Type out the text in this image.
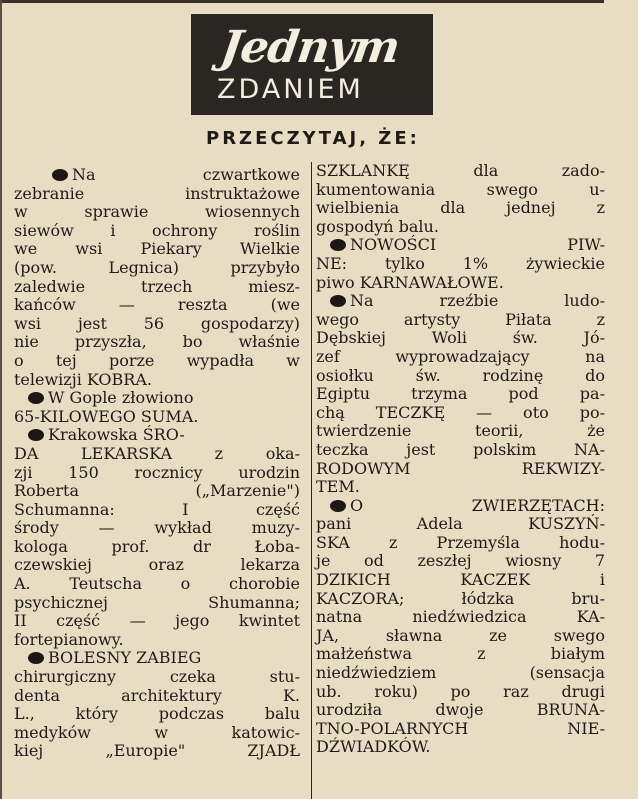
Jednym
ZDANIEM
PRZECZYTAJ, ŻE:
Na czwartkowe
zebranie instruktażowe
w sprawie wiosennych
siewów i ochrony roślin
we wsi Piekary Wielkie
(pow. Legnica) przybyło
zaledwie trzech miesz-
kańców — reszta (we
wsi jest 56 gospodarzy)
nie przyszła, bo właśnie
o tej porze wypadła w
telewizji KOBRA.
W Gople złowiono
65-KILOWEGO SUMA.
Krakowska ŚRO-
DA LEKARSKA z oka-
zji 150 rocznicy urodzin
Roberta („Marzenie")
Schumanna: I część
środy — wykład muzy-
kologa prof. dr Łoba-
czewskiej oraz lekarza
A. Teutscha o chorobie
psychicznej Shumanna;
II część — jego kwintet
fortepianowy.
BOLESNY ZABIEG
chirurgiczny czeka stu-
denta architektury K.
L., który podczas balu
medyków w katowic-
kiej „Europie" ZJADŁ
SZKLANKĘ dla zado-
kumentowania swego u-
wielbienia dla jednej z
gospodyń balu.
NOWOŚCI PIW-
NE: tylko 1% żywieckie
piwo KARNAWAŁOWE.
Na rzeźbie ludo-
wego artysty Piłata z
Dębskiej Woli św. Jó-
zef wyprowadzający na
osiołku św. rodzinę do
Egiptu trzyma pod pa-
chą TECZKĘ — oto po-
twierdzenie teorii, że
teczka jest polskim NA-
RODOWYM REKWIZY-
TEM.
O ZWIERZĘTACH:
pani Adela KUSZYŃ-
SKA z Przemyśla hodu-
je od zeszłej wiosny 7
DZIKICH KACZEK i
KACZORA; łódzka bru-
natna niedźwiedzica KA-
JA, sławna ze swego
małżeństwa z białym
niedźwiedziem (sensacja
ub. roku) po raz drugi
urodziła dwoje BRUNA-
TNO-POLARNYCH NIE-
DŹWIADKÓW.
